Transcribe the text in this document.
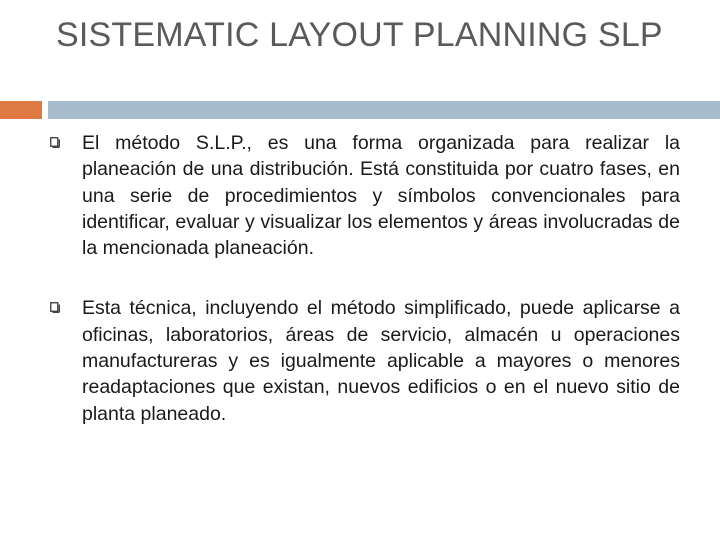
SISTEMATIC LAYOUT PLANNING SLP
El método S.L.P., es una forma organizada para realizar la planeación de una distribución. Está constituida por cuatro fases, en una serie de procedimientos y símbolos convencionales para identificar, evaluar y visualizar los elementos y áreas involucradas de la mencionada planeación.
Esta técnica, incluyendo el método simplificado, puede aplicarse a oficinas, laboratorios, áreas de servicio, almacén u operaciones manufactureras y es igualmente aplicable a mayores o menores readaptaciones que existan, nuevos edificios o en el nuevo sitio de planta planeado.
